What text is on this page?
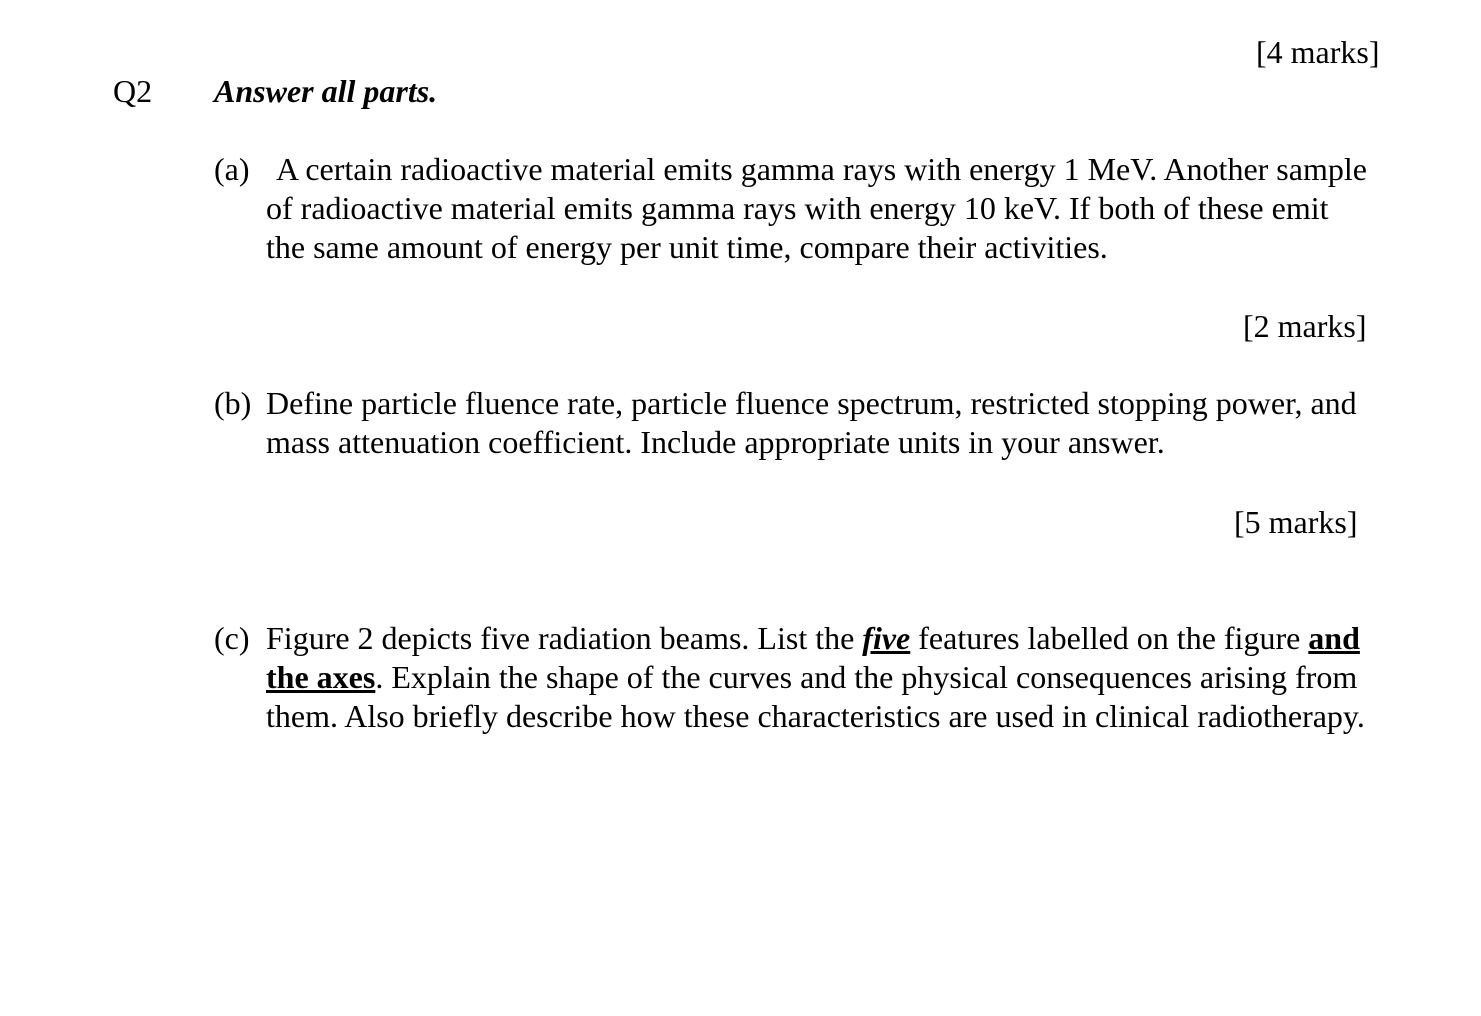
[4 marks]
Q2 Answer all parts.
(a) A certain radioactive material emits gamma rays with energy 1 MeV. Another sample of radioactive material emits gamma rays with energy 10 keV. If both of these emit the same amount of energy per unit time, compare their activities.
[2 marks]
(b) Define particle fluence rate, particle fluence spectrum, restricted stopping power, and mass attenuation coefficient. Include appropriate units in your answer.
[5 marks]
(c) Figure 2 depicts five radiation beams. List the five features labelled on the figure and the axes. Explain the shape of the curves and the physical consequences arising from them. Also briefly describe how these characteristics are used in clinical radiotherapy.
